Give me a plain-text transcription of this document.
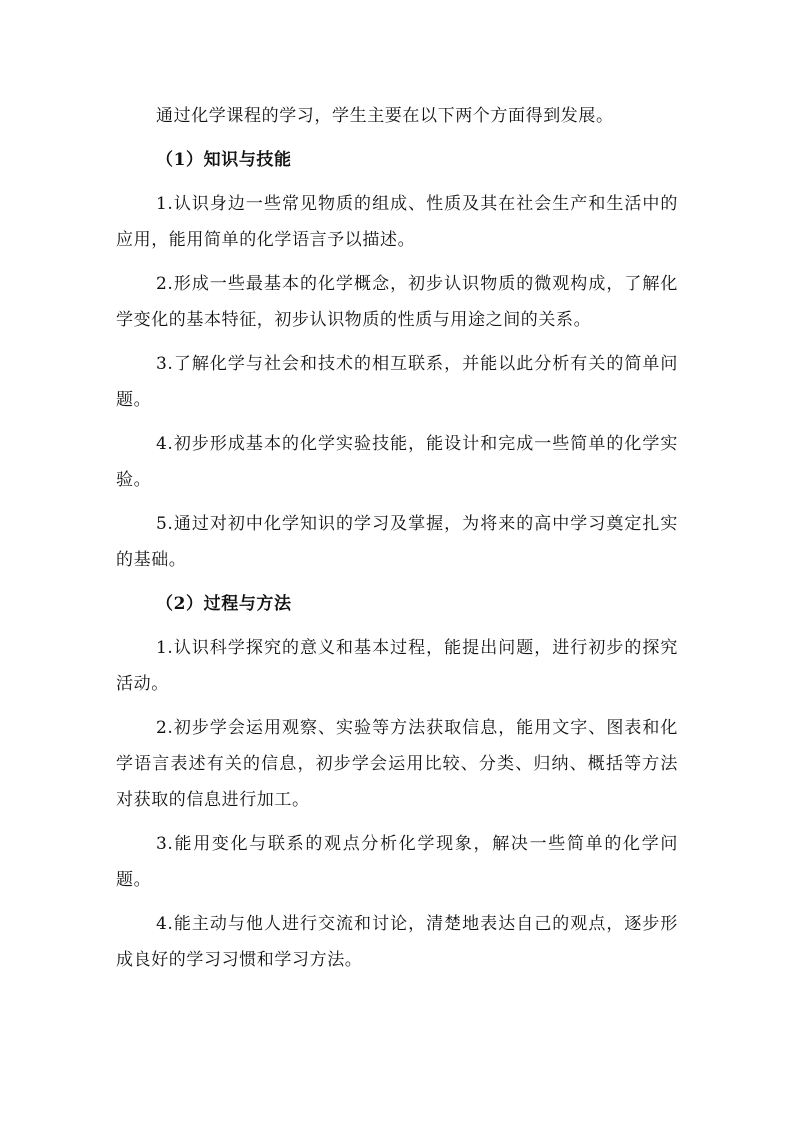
通过化学课程的学习，学生主要在以下两个方面得到发展。

（1）知识与技能

1.认识身边一些常见物质的组成、性质及其在社会生产和生活中的应用，能用简单的化学语言予以描述。

2.形成一些最基本的化学概念，初步认识物质的微观构成，了解化学变化的基本特征，初步认识物质的性质与用途之间的关系。

3.了解化学与社会和技术的相互联系，并能以此分析有关的简单问题。

4.初步形成基本的化学实验技能，能设计和完成一些简单的化学实验。

5.通过对初中化学知识的学习及掌握，为将来的高中学习奠定扎实的基础。

（2）过程与方法

1.认识科学探究的意义和基本过程，能提出问题，进行初步的探究活动。

2.初步学会运用观察、实验等方法获取信息，能用文字、图表和化学语言表述有关的信息，初步学会运用比较、分类、归纳、概括等方法对获取的信息进行加工。

3.能用变化与联系的观点分析化学现象，解决一些简单的化学问题。

4.能主动与他人进行交流和讨论，清楚地表达自己的观点，逐步形成良好的学习习惯和学习方法。
